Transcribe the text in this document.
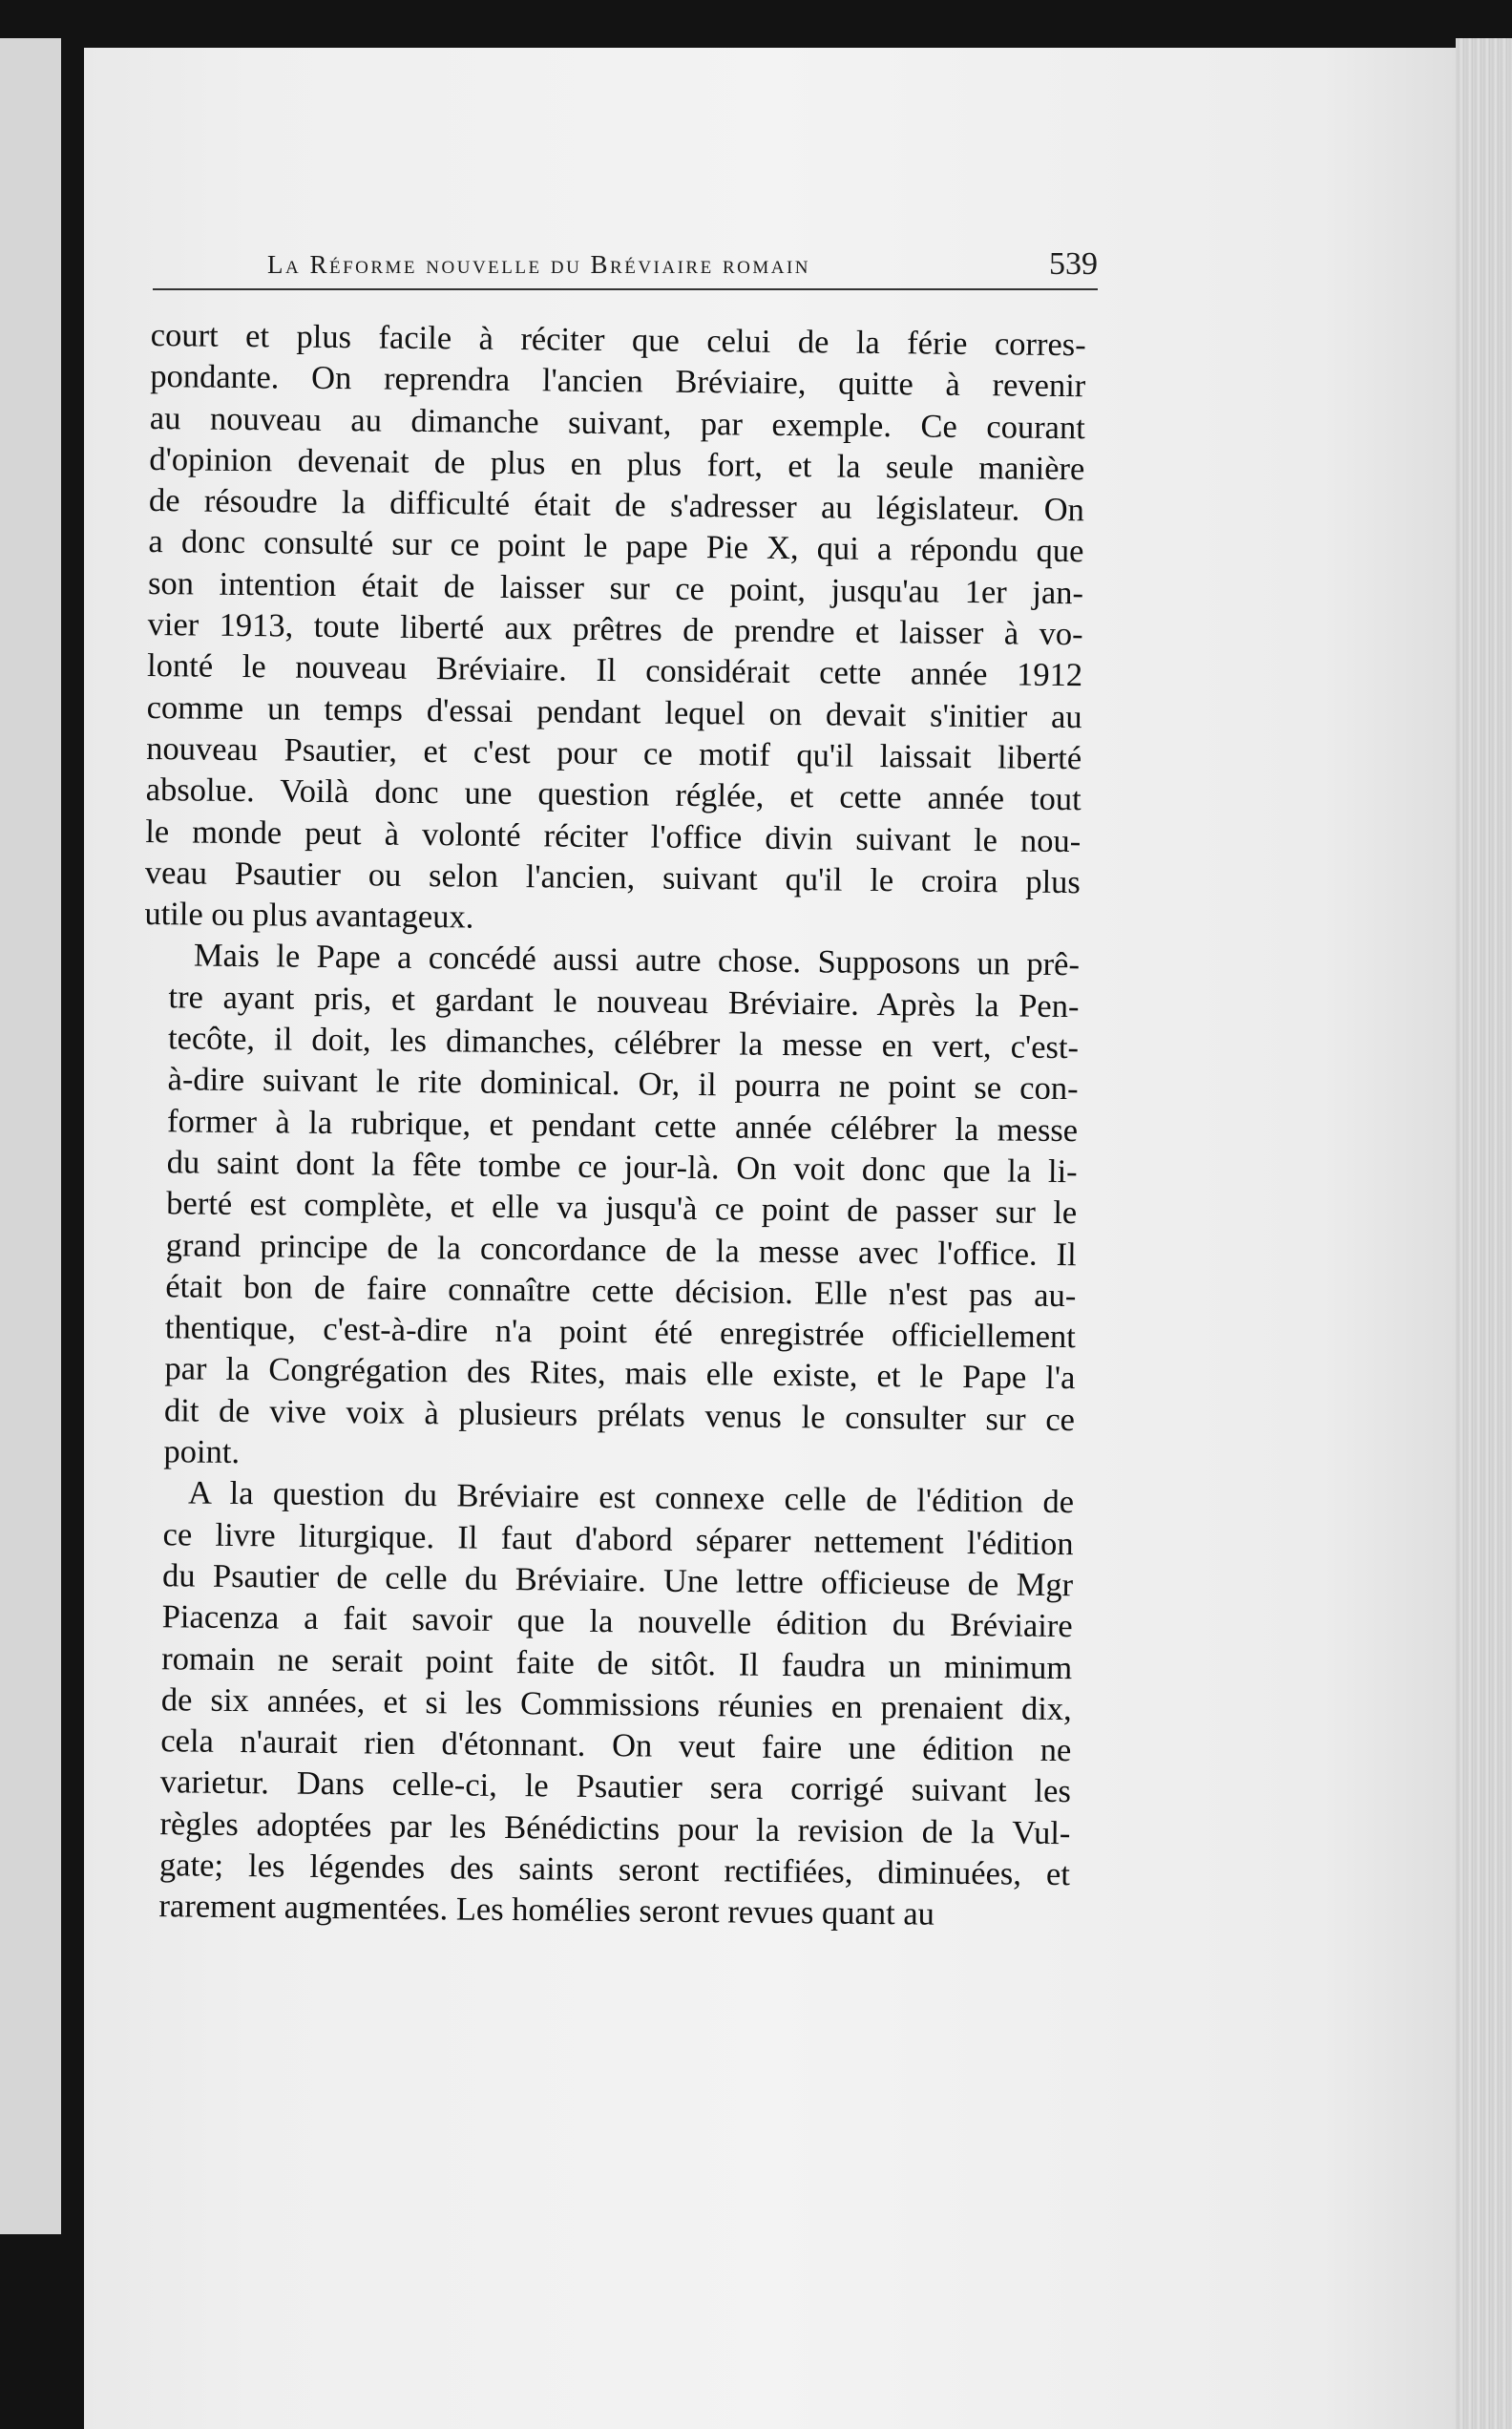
La Réforme nouvelle du Bréviaire romain	539
court et plus facile à réciter que celui de la férie corres-
pondante. On reprendra l'ancien Bréviaire, quitte à revenir
au nouveau au dimanche suivant, par exemple. Ce courant
d'opinion devenait de plus en plus fort, et la seule manière
de résoudre la difficulté était de s'adresser au législateur. On
a donc consulté sur ce point le pape Pie X, qui a répondu que
son intention était de laisser sur ce point, jusqu'au 1er jan-
vier 1913, toute liberté aux prêtres de prendre et laisser à vo-
lonté le nouveau Bréviaire. Il considérait cette année 1912
comme un temps d'essai pendant lequel on devait s'initier au
nouveau Psautier, et c'est pour ce motif qu'il laissait liberté
absolue. Voilà donc une question réglée, et cette année tout
le monde peut à volonté réciter l'office divin suivant le nou-
veau Psautier ou selon l'ancien, suivant qu'il le croira plus
utile ou plus avantageux.
Mais le Pape a concédé aussi autre chose. Supposons un prê-
tre ayant pris, et gardant le nouveau Bréviaire. Après la Pen-
tecôte, il doit, les dimanches, célébrer la messe en vert, c'est-
à-dire suivant le rite dominical. Or, il pourra ne point se con-
former à la rubrique, et pendant cette année célébrer la messe
du saint dont la fête tombe ce jour-là. On voit donc que la li-
berté est complète, et elle va jusqu'à ce point de passer sur le
grand principe de la concordance de la messe avec l'office. Il
était bon de faire connaître cette décision. Elle n'est pas au-
thentique, c'est-à-dire n'a point été enregistrée officiellement
par la Congrégation des Rites, mais elle existe, et le Pape l'a
dit de vive voix à plusieurs prélats venus le consulter sur ce
point.
A la question du Bréviaire est connexe celle de l'édition de
ce livre liturgique. Il faut d'abord séparer nettement l'édition
du Psautier de celle du Bréviaire. Une lettre officieuse de Mgr
Piacenza a fait savoir que la nouvelle édition du Bréviaire
romain ne serait point faite de sitôt. Il faudra un minimum
de six années, et si les Commissions réunies en prenaient dix,
cela n'aurait rien d'étonnant. On veut faire une édition ne
varietur. Dans celle-ci, le Psautier sera corrigé suivant les
règles adoptées par les Bénédictins pour la revision de la Vul-
gate; les légendes des saints seront rectifiées, diminuées, et
rarement augmentées. Les homélies seront revues quant au
